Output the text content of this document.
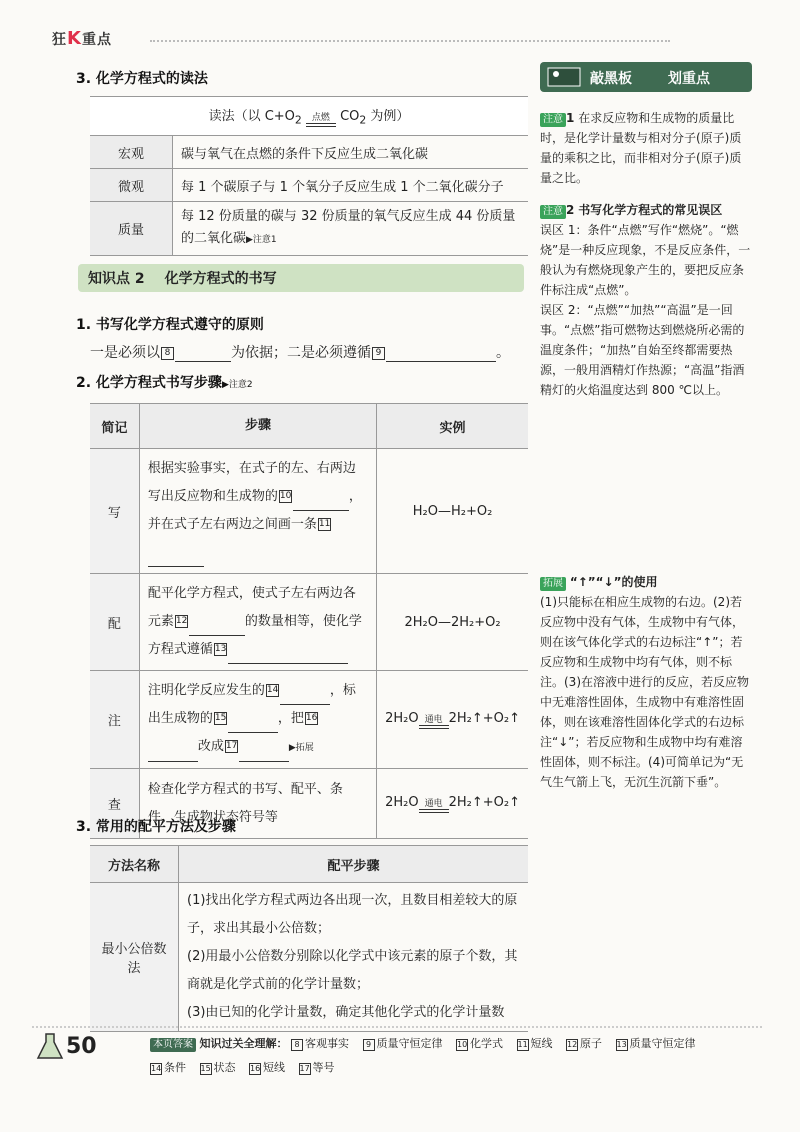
狂K重点
3. 化学方程式的读法
读法（以 $C+O_2$ 点燃 $CO_2$ 为例）	
宏观	碳与氧气在点燃的条件下反应生成二氧化碳
微观	每 1 个碳原子与 1 个氧分子反应生成 1 个二氧化碳分子
质量	每 12 份质量的碳与 32 份质量的氧气反应生成 44 份质量的二氧化碳▶注意1
知识点 2 化学方程式的书写
1. 书写化学方程式遵守的原则
一是必须以 8	为依据；二是必须遵循 9	。
2. 化学方程式书写步骤▶注意2
简记	步骤	实例
写	根据实验事实，在式子的左、右两边写出反应物和生成物的 10 ，并在式子左右两边之间画一条 11	H₂O—H₂+O₂
配	配平化学方程式，使式子左右两边各元素 12 的数量相等，使化学方程式遵循 13	2H₂O—2H₂+O₂
注	注明化学反应发生的 14 ，标出生成物的 15 ，把 16改成 17 ▶拓展	2H₂O 通电 2H₂↑+O₂↑
查	检查化学方程式的书写、配平、条件、生成物状态符号等	2H₂O 通电 2H₂↑+O₂↑
3. 常用的配平方法及步骤
方法名称	配平步骤
最小公倍数法	(1)找出化学方程式两边各出现一次，且数目相差较大的原子，求出其最小公倍数；
(2)用最小公倍数分别除以化学式中该元素的原子个数，其商就是化学式前的化学计量数；
(3)由已知的化学计量数，确定其他化学式的化学计量数
敲黑板	划重点
注意 1 在求反应物和生成物的质量比时，是化学计量数与相对分子(原子)质量的乘积之比，而非相对分子(原子)质量之比。
注意 2 书写化学方程式的常见误区
误区 1：条件“点燃”写作“燃烧”。“燃烧”是一种反应现象，不是反应条件，一般认为有燃烧现象产生的，要把反应条件标注成“点燃”。
误区 2：“点燃”“加热”“高温”是一回事。“点燃”指可燃物达到燃烧所必需的温度条件；“加热”自始至终都需要热源，一般用酒精灯作热源；“高温”指酒精灯的火焰温度达到 800 ℃以上。
拓展 “↑”“↓”的使用
(1)只能标在相应生成物的右边。(2)若反应物中没有气体，生成物中有气体，则在该气体化学式的右边标注“↑”；若反应物和生成物中均有气体，则不标注。(3)在溶液中进行的反应，若反应物中无难溶性固体，生成物中有难溶性固体，则在该难溶性固体化学式的右边标注“↓”；若反应物和生成物中均有难溶性固体，则不标注。(4)可简单记为“无气生气箭上飞，无沉生沉箭下垂”。
50	本页答案 知识过关全理解： 8 客观事实 9 质量守恒定律 10 化学式 11 短线 12 原子 13 质量守恒定律
14 条件 15 状态 16 短线 17 等号
